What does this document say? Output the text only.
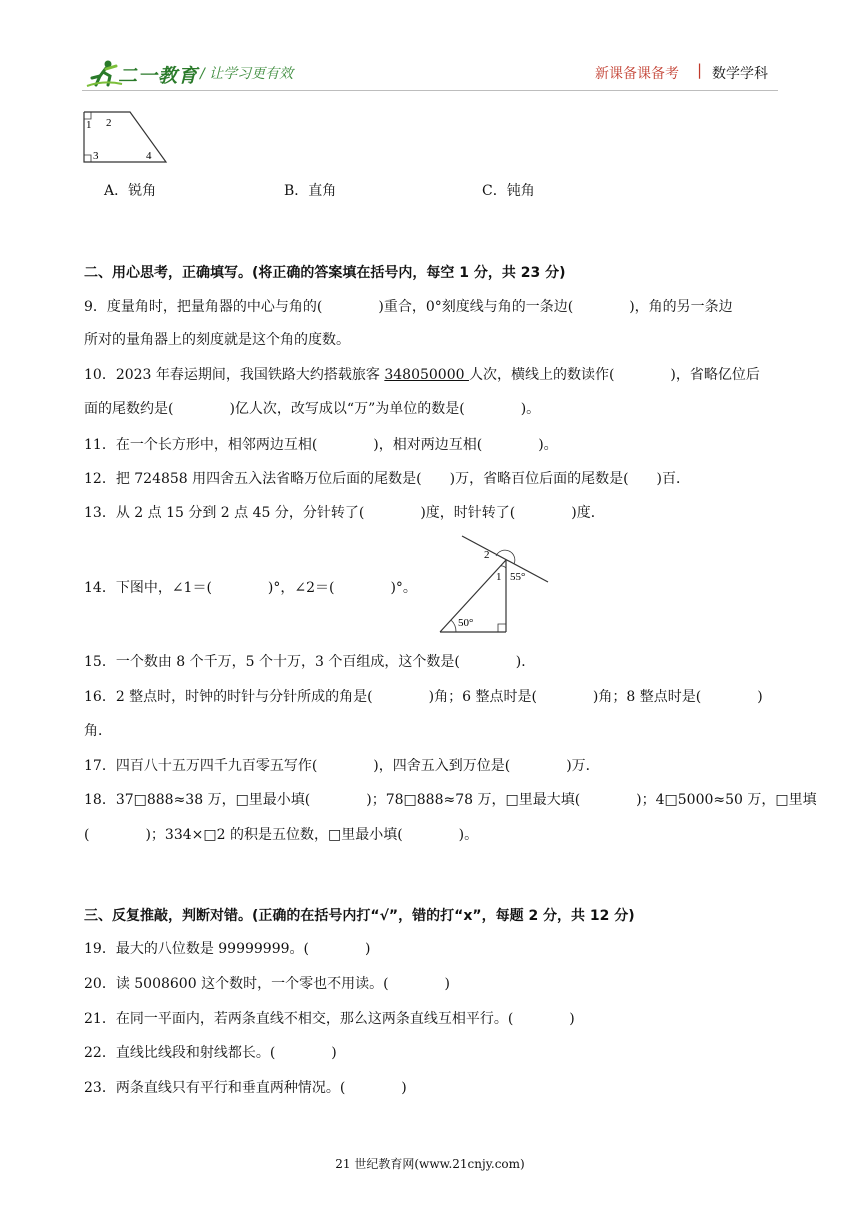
二一教育 / 让学习更有效	新课备课备考 | 数学学科
1 2
3	4
A．锐角	B．直角	C．钝角
二、用心思考，正确填写。(将正确的答案填在括号内，每空 1 分，共 23 分)
9．度量角时，把量角器的中心与角的(　　　　)重合，0°刻度线与角的一条边(　　　　)，角的另一条边
所对的量角器上的刻度就是这个角的度数。
10．2023 年春运期间，我国铁路大约搭载旅客 348050000 人次，横线上的数读作(　　　　)，省略亿位后
面的尾数约是(　　　　)亿人次，改写成以“万”为单位的数是(　　　　)。
11．在一个长方形中，相邻两边互相(　　　　)，相对两边互相(　　　　)。
12．把 724858 用四舍五入法省略万位后面的尾数是(　　)万，省略百位后面的尾数是(　　)百．
13．从 2 点 15 分到 2 点 45 分，分针转了(　　　　)度，时针转了(　　　　)度．
14．下图中，∠1＝(　　　　)°，∠2＝(　　　　)°。
2
1 55°
50°
15．一个数由 8 个千万，5 个十万，3 个百组成，这个数是(　　　　)．
16．2 整点时，时钟的时针与分针所成的角是(　　　　)角；6 整点时是(　　　　)角；8 整点时是(　　　　)
角．
17．四百八十五万四千九百零五写作(　　　　)，四舍五入到万位是(　　　　)万．
18．37□888≈38 万，□里最小填(　　　　)；78□888≈78 万，□里最大填(　　　　)；4□5000≈50 万，□里填
(　　　　)；334×□2 的积是五位数，□里最小填(　　　　)。
三、反复推敲，判断对错。(正确的在括号内打“√”，错的打“x”，每题 2 分，共 12 分)
19．最大的八位数是 99999999。(　　　　)
20．读 5008600 这个数时，一个零也不用读。(　　　　)
21．在同一平面内，若两条直线不相交，那么这两条直线互相平行。(　　　　)
22．直线比线段和射线都长。(　　　　)
23．两条直线只有平行和垂直两种情况。(　　　　)
21 世纪教育网(www.21cnjy.com)
